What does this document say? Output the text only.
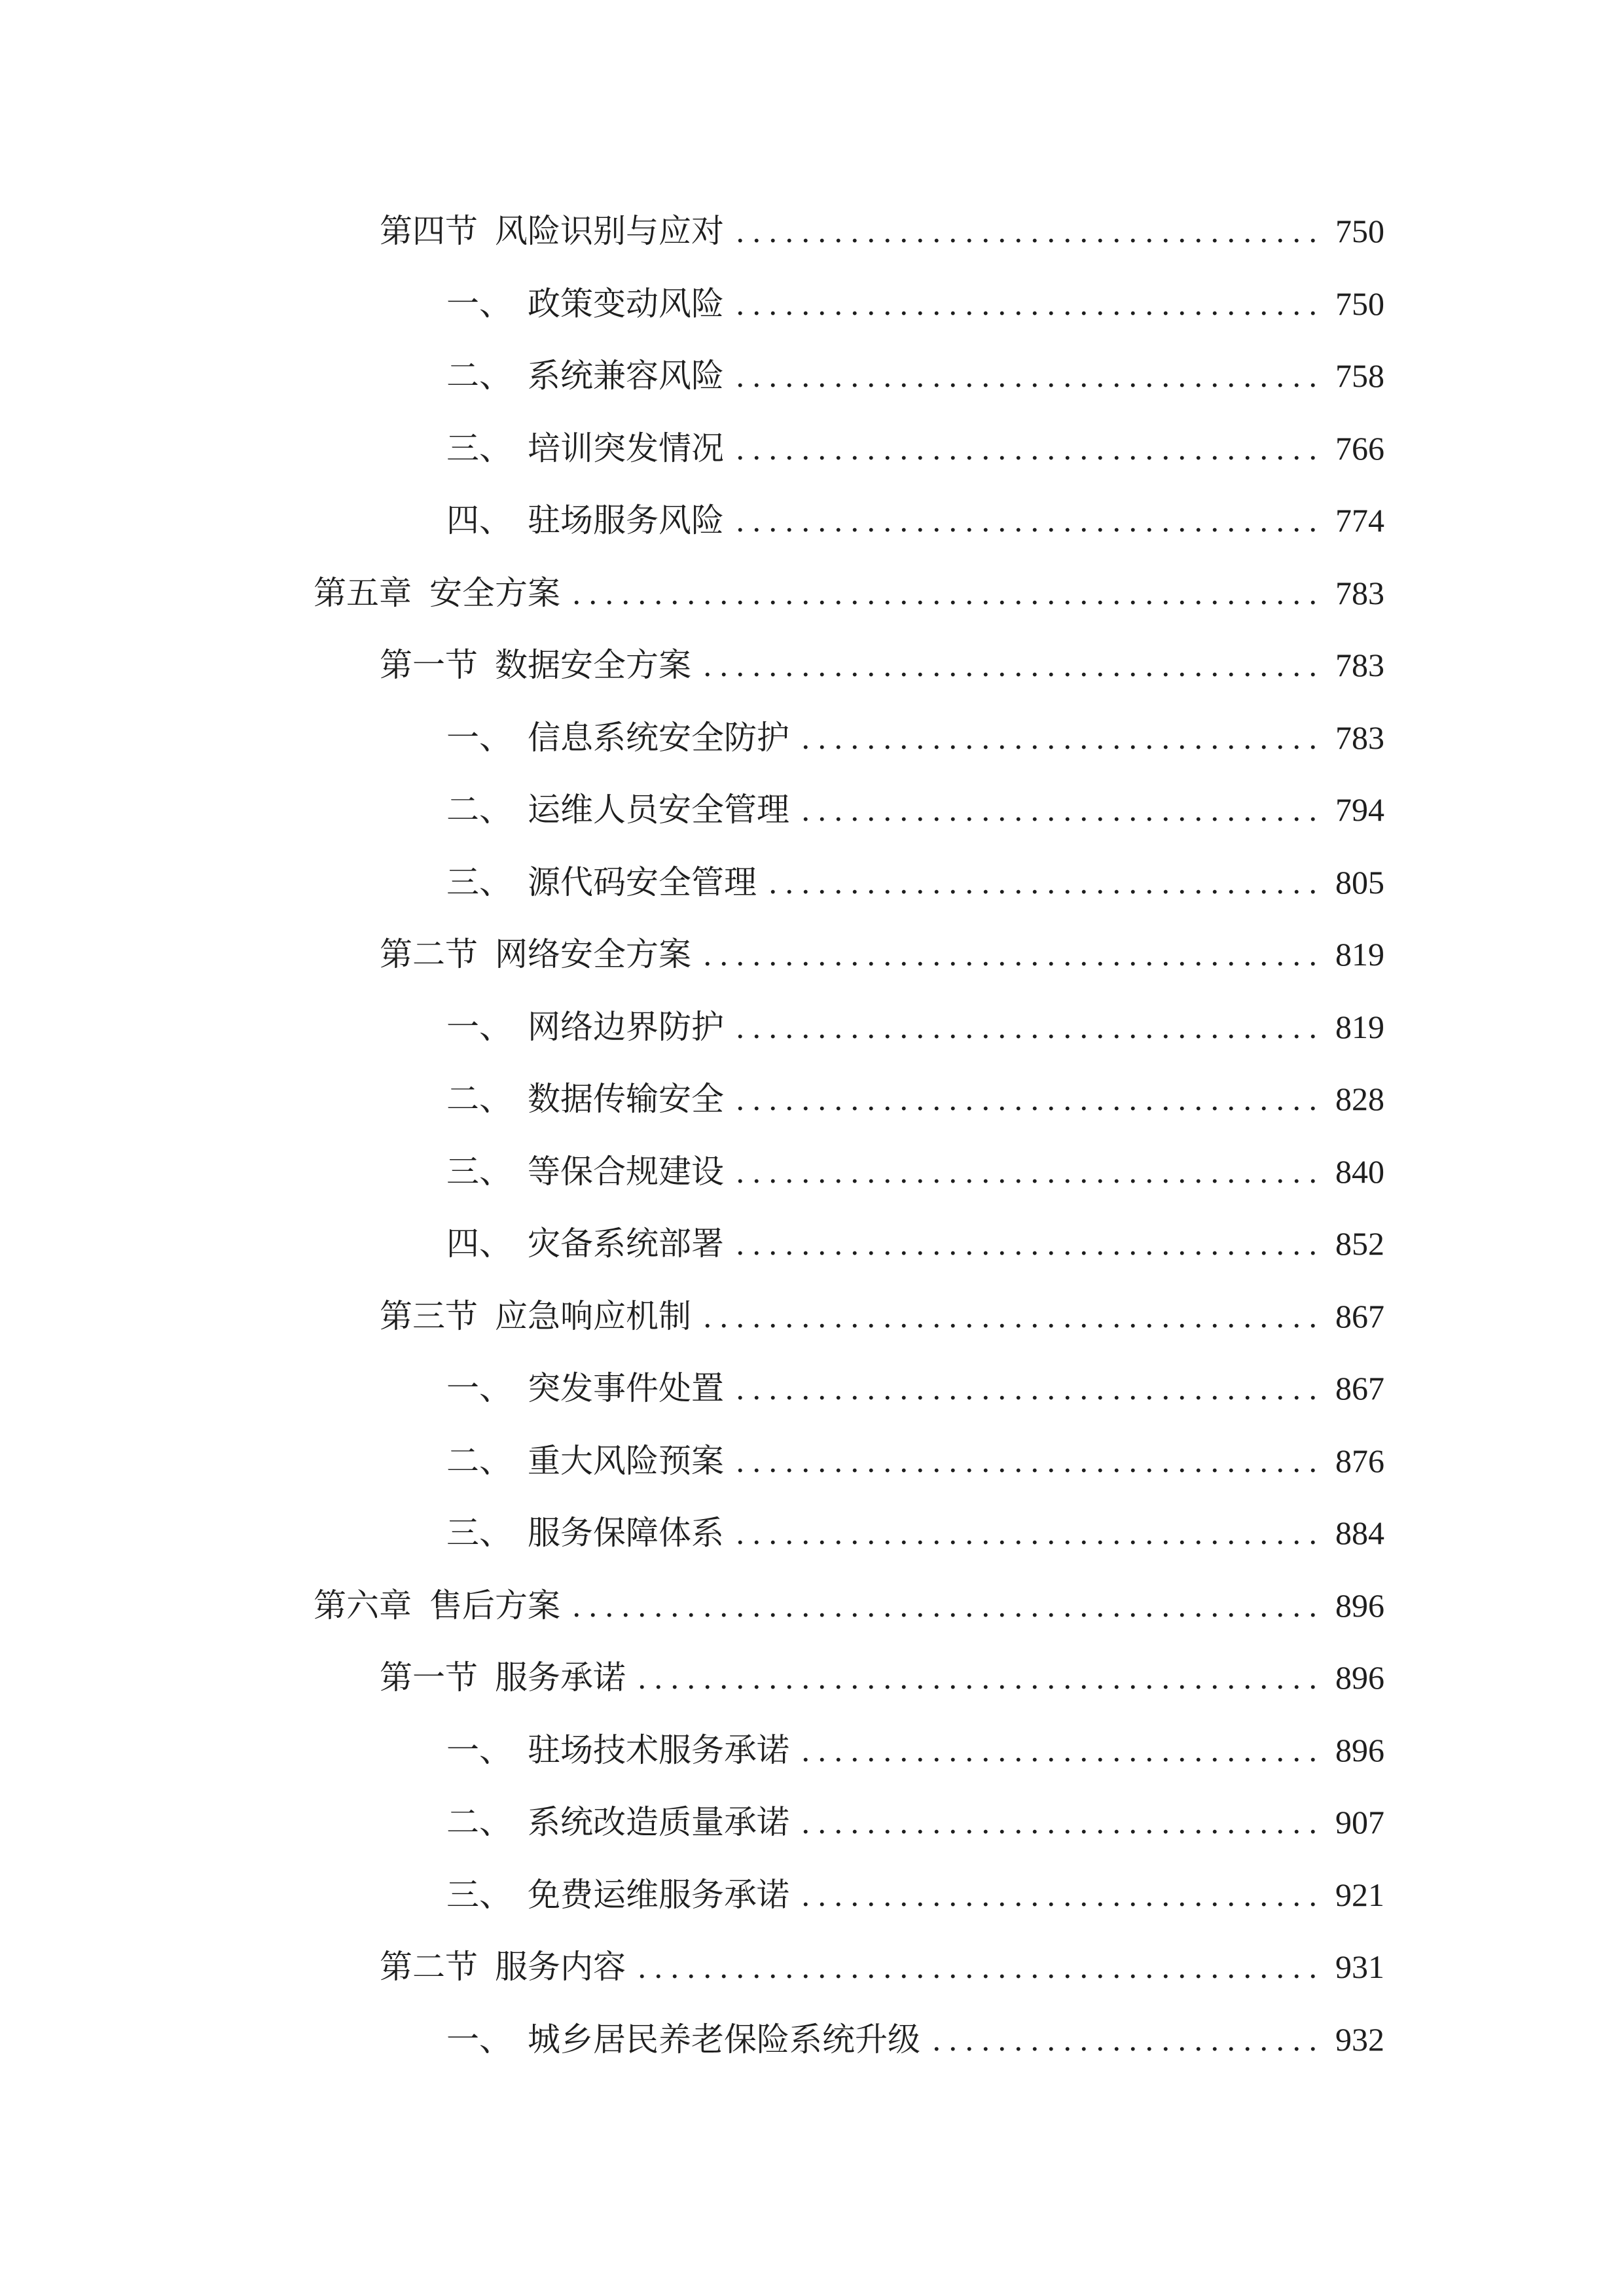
第四节 风险识别与应对 . . .	750
一、 政策变动风险 . . .	750
二、 系统兼容风险 . . .	758
三、 培训突发情况 . . .	766
四、 驻场服务风险 . . .	774
第五章 安全方案 . . .	783
第一节 数据安全方案 . . .	783
一、 信息系统安全防护 . . .	783
二、 运维人员安全管理 . . .	794
三、 源代码安全管理 . . .	805
第二节 网络安全方案 . . .	819
一、 网络边界防护 . . .	819
二、 数据传输安全 . . .	828
三、 等保合规建设 . . .	840
四、 灾备系统部署 . . .	852
第三节 应急响应机制 . . .	867
一、 突发事件处置 . . .	867
二、 重大风险预案 . . .	876
三、 服务保障体系 . . .	884
第六章 售后方案 . . .	896
第一节 服务承诺 . . .	896
一、 驻场技术服务承诺 . . .	896
二、 系统改造质量承诺 . . .	907
三、 免费运维服务承诺 . . .	921
第二节 服务内容 . . .	931
一、 城乡居民养老保险系统升级 . . .	932
